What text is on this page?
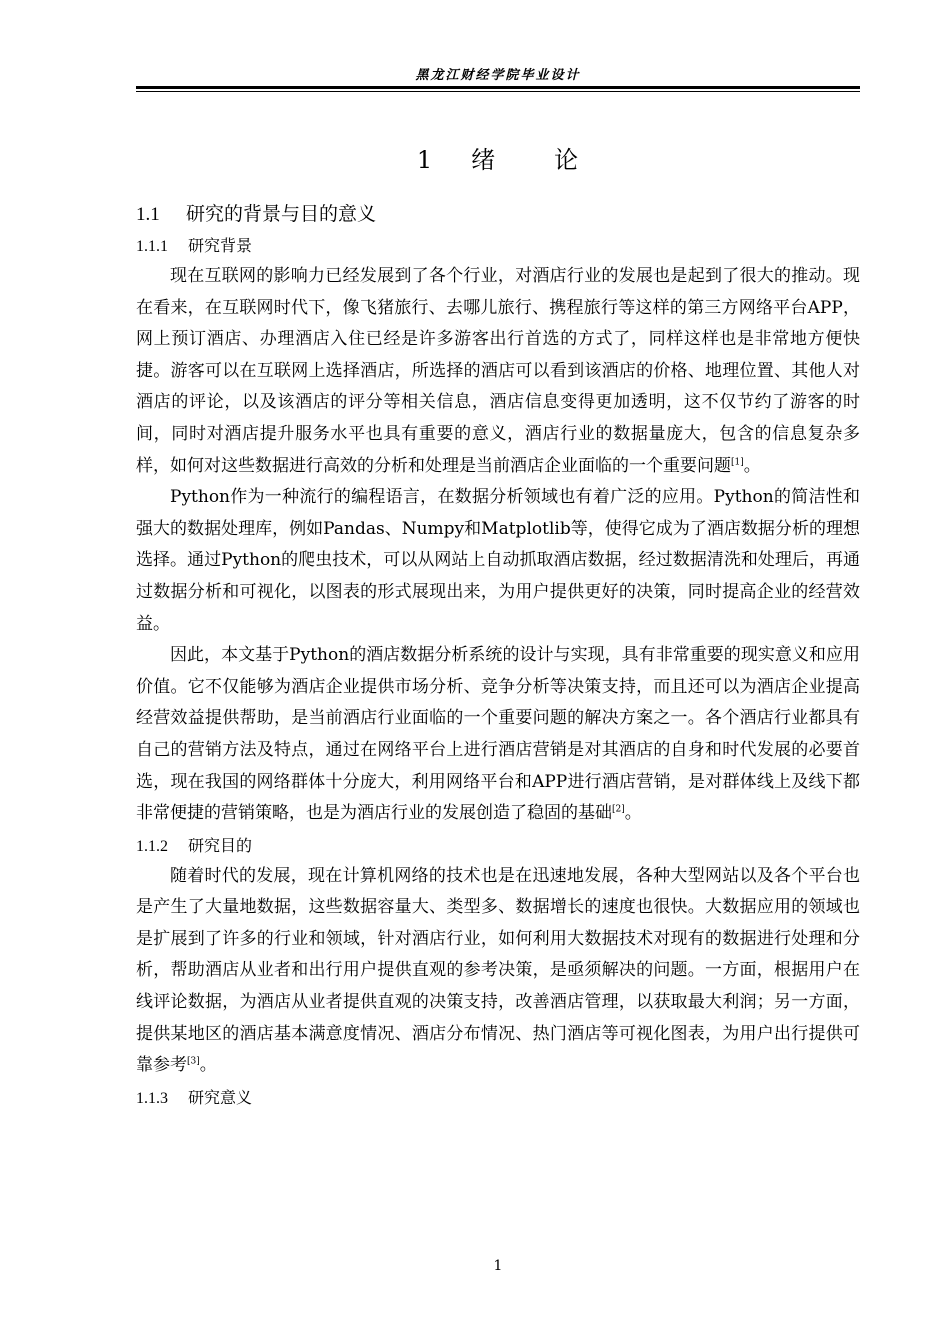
黑龙江财经学院毕业设计
1 绪 论
1.1 研究的背景与目的意义
1.1.1 研究背景

现在互联网的影响力已经发展到了各个行业，对酒店行业的发展也是起到了很大的推动。现在看来，在互联网时代下，像飞猪旅行、去哪儿旅行、携程旅行等这样的第三方网络平台APP，网上预订酒店、办理酒店入住已经是许多游客出行首选的方式了，同样这样也是非常地方便快捷。游客可以在互联网上选择酒店，所选择的酒店可以看到该酒店的价格、地理位置、其他人对酒店的评论，以及该酒店的评分等相关信息，酒店信息变得更加透明，这不仅节约了游客的时间，同时对酒店提升服务水平也具有重要的意义，酒店行业的数据量庞大，包含的信息复杂多样，如何对这些数据进行高效的分析和处理是当前酒店企业面临的一个重要问题[1]。

Python作为一种流行的编程语言，在数据分析领域也有着广泛的应用。Python的简洁性和强大的数据处理库，例如Pandas、Numpy和Matplotlib等，使得它成为了酒店数据分析的理想选择。通过Python的爬虫技术，可以从网站上自动抓取酒店数据，经过数据清洗和处理后，再通过数据分析和可视化，以图表的形式展现出来，为用户提供更好的决策，同时提高企业的经营效益。

因此，本文基于Python的酒店数据分析系统的设计与实现，具有非常重要的现实意义和应用价值。它不仅能够为酒店企业提供市场分析、竞争分析等决策支持，而且还可以为酒店企业提高经营效益提供帮助，是当前酒店行业面临的一个重要问题的解决方案之一。各个酒店行业都具有自己的营销方法及特点，通过在网络平台上进行酒店营销是对其酒店的自身和时代发展的必要首选，现在我国的网络群体十分庞大，利用网络平台和APP进行酒店营销，是对群体线上及线下都非常便捷的营销策略，也是为酒店行业的发展创造了稳固的基础[2]。

1.1.2 研究目的

随着时代的发展，现在计算机网络的技术也是在迅速地发展，各种大型网站以及各个平台也是产生了大量地数据，这些数据容量大、类型多、数据增长的速度也很快。大数据应用的领域也是扩展到了许多的行业和领域，针对酒店行业，如何利用大数据技术对现有的数据进行处理和分析，帮助酒店从业者和出行用户提供直观的参考决策，是亟须解决的问题。一方面，根据用户在线评论数据，为酒店从业者提供直观的决策支持，改善酒店管理，以获取最大利润；另一方面，提供某地区的酒店基本满意度情况、酒店分布情况、热门酒店等可视化图表，为用户出行提供可靠参考[3]。

1.1.3 研究意义
1
